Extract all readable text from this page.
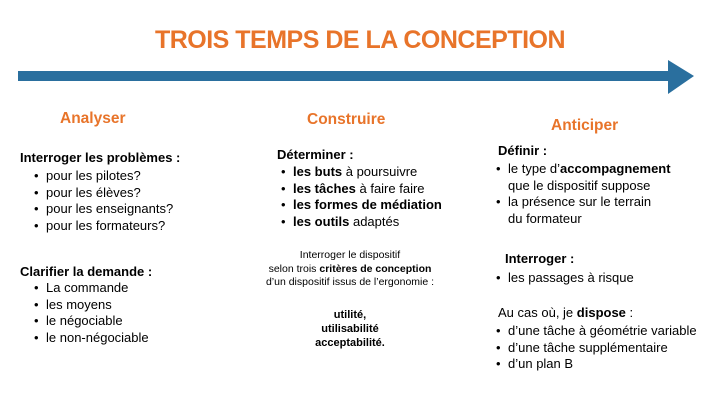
TROIS TEMPS DE LA CONCEPTION
Analyser
Interroger les problèmes :
• pour les pilotes?
• pour les élèves?
• pour les enseignants?
• pour les formateurs?
Clarifier la demande :
• La commande
• les moyens
• le négociable
• le non-négociable
Construire
Déterminer :
• les buts à poursuivre
• les tâches à faire faire
• les formes de médiation
• les outils adaptés
Interroger le dispositif
selon trois critères de conception
d’un dispositif issus de l’ergonomie :
utilité,
utilisabilité
acceptabilité.
Anticiper
Définir :
• le type d’accompagnement
que le dispositif suppose
• la présence sur le terrain
du formateur
Interroger :
• les passages à risque
Au cas où, je dispose :
• d’une tâche à géométrie variable
• d’une tâche supplémentaire
• d’un plan B
